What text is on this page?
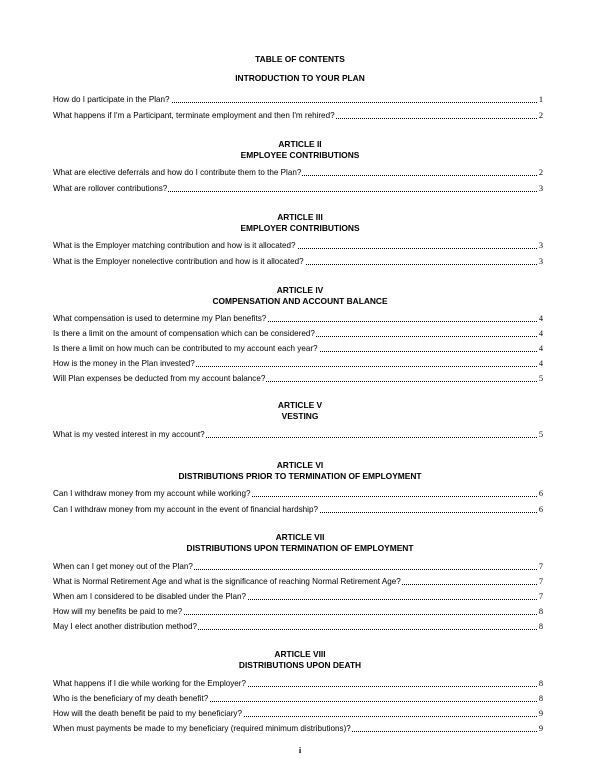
TABLE OF CONTENTS
INTRODUCTION TO YOUR PLAN
How do I participate in the Plan?	1
What happens if I'm a Participant, terminate employment and then I'm rehired?	2
ARTICLE II
EMPLOYEE CONTRIBUTIONS
What are elective deferrals and how do I contribute them to the Plan?	2
What are rollover contributions?	3
ARTICLE III
EMPLOYER CONTRIBUTIONS
What is the Employer matching contribution and how is it allocated?	3
What is the Employer nonelective contribution and how is it allocated?	3
ARTICLE IV
COMPENSATION AND ACCOUNT BALANCE
What compensation is used to determine my Plan benefits?	4
Is there a limit on the amount of compensation which can be considered?	4
Is there a limit on how much can be contributed to my account each year?	4
How is the money in the Plan invested?	4
Will Plan expenses be deducted from my account balance?	5
ARTICLE V
VESTING
What is my vested interest in my account?	5
ARTICLE VI
DISTRIBUTIONS PRIOR TO TERMINATION OF EMPLOYMENT
Can I withdraw money from my account while working?	6
Can I withdraw money from my account in the event of financial hardship?	6
ARTICLE VII
DISTRIBUTIONS UPON TERMINATION OF EMPLOYMENT
When can I get money out of the Plan?	7
What is Normal Retirement Age and what is the significance of reaching Normal Retirement Age?	7
When am I considered to be disabled under the Plan?	7
How will my benefits be paid to me?	8
May I elect another distribution method?	8
ARTICLE VIII
DISTRIBUTIONS UPON DEATH
What happens if I die while working for the Employer?	8
Who is the beneficiary of my death benefit?	8
How will the death benefit be paid to my beneficiary?	9
When must payments be made to my beneficiary (required minimum distributions)?	9
i
